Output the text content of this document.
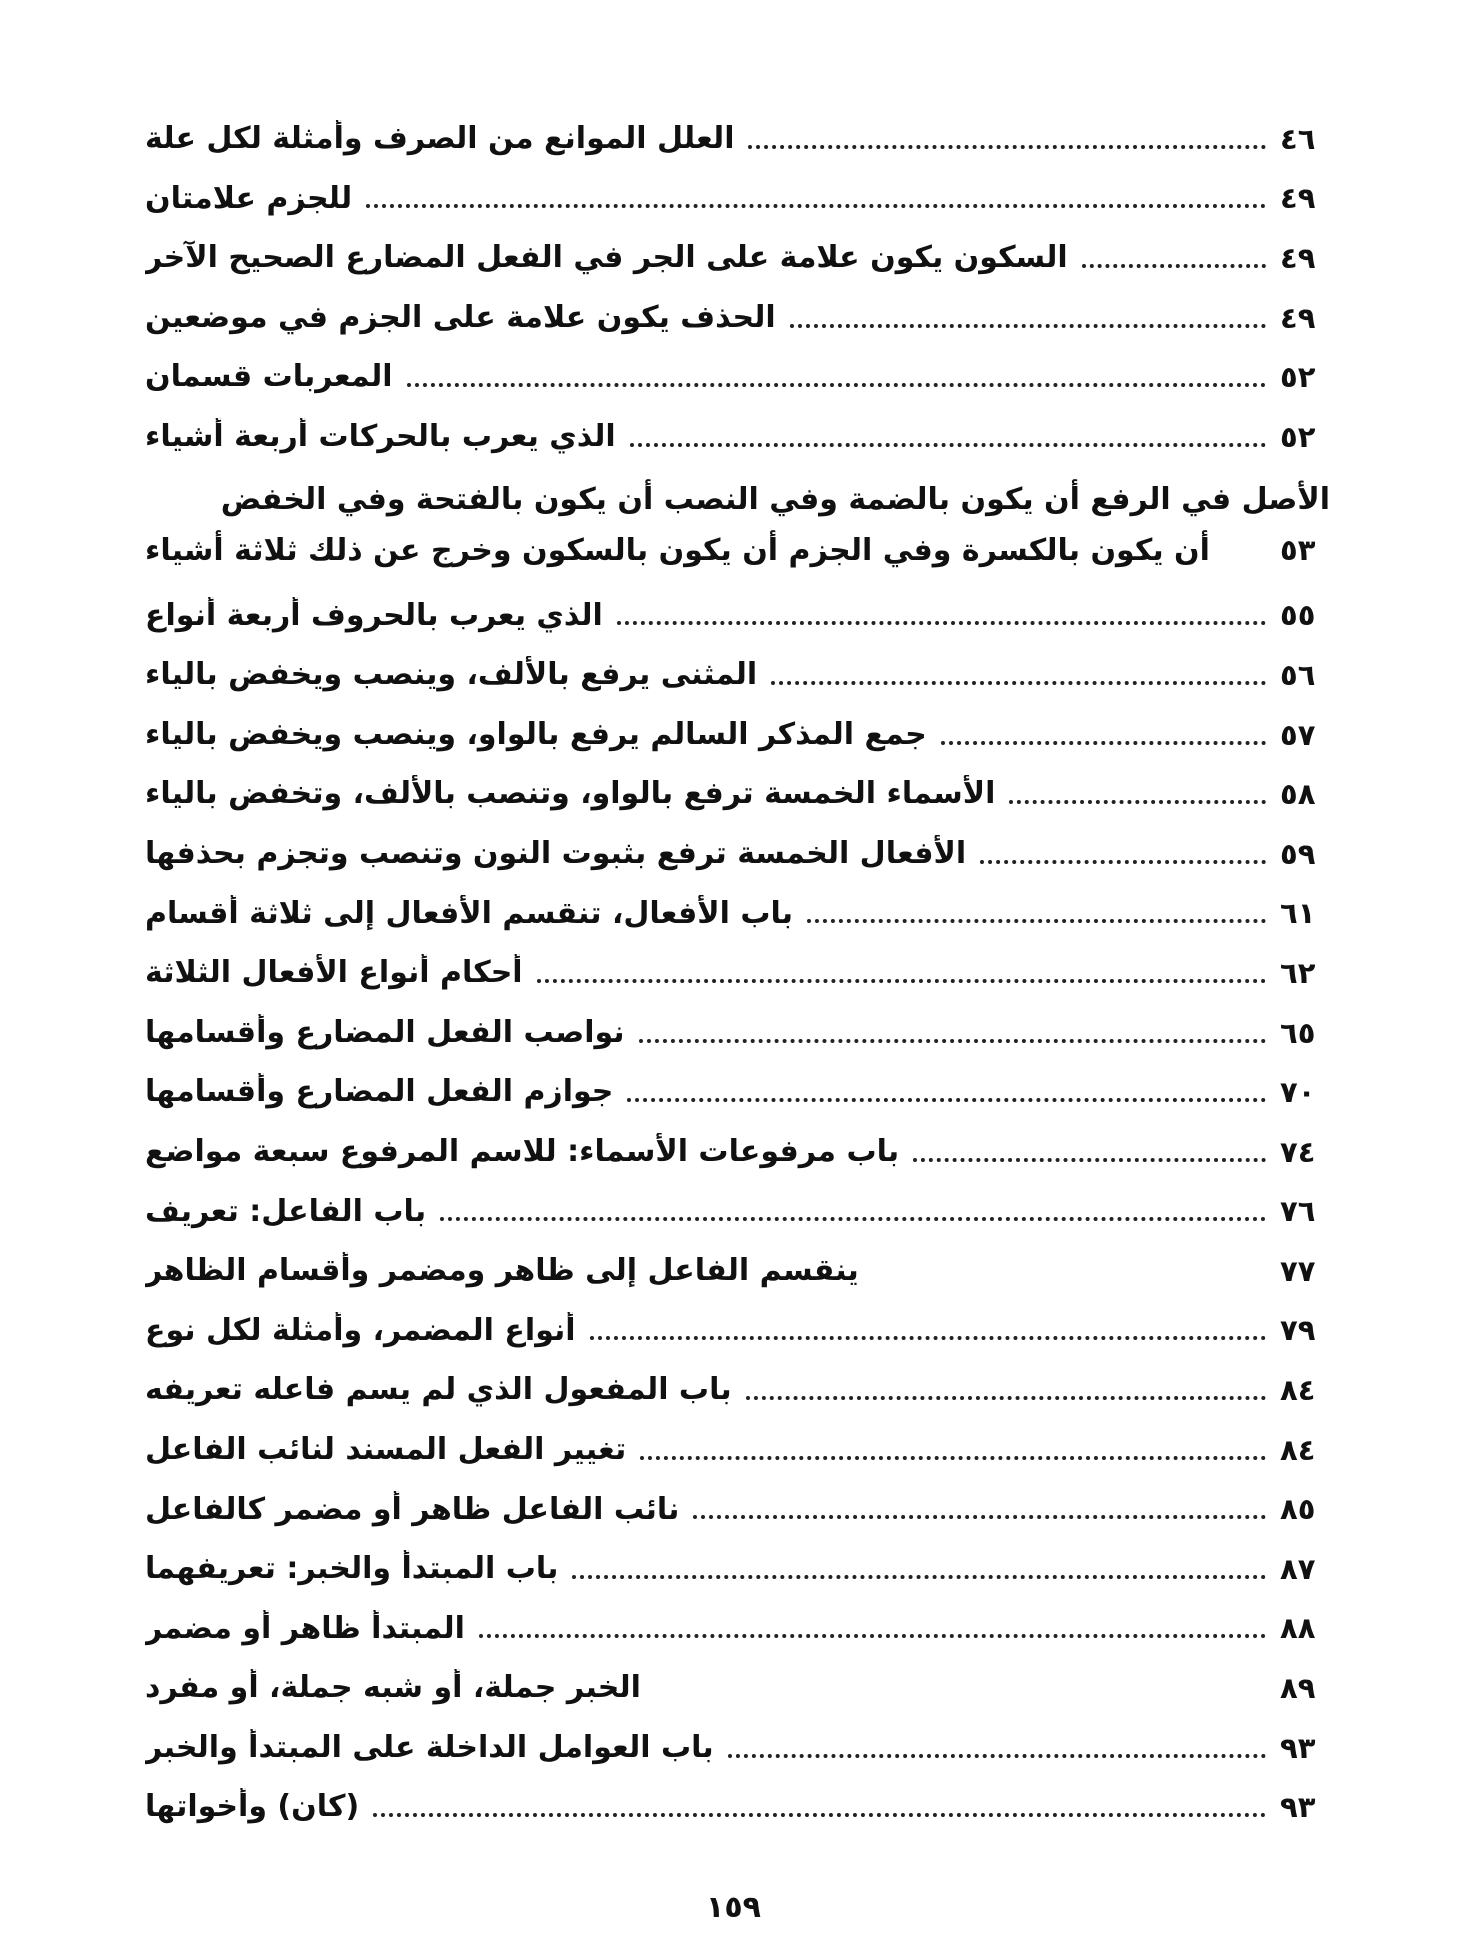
العلل الموانع من الصرف وأمثلة لكل علة	٤٦
للجزم علامتان	٤٩
السكون يكون علامة على الجر في الفعل المضارع الصحيح الآخر	٤٩
الحذف يكون علامة على الجزم في موضعين	٤٩
المعربات قسمان	٥٢
الذي يعرب بالحركات أربعة أشياء	٥٢
الأصل في الرفع أن يكون بالضمة وفي النصب أن يكون بالفتحة وفي الخفض
أن يكون بالكسرة وفي الجزم أن يكون بالسكون وخرج عن ذلك ثلاثة أشياء ٥٣
الذي يعرب بالحروف أربعة أنواع	٥٥
المثنى يرفع بالألف، وينصب ويخفض بالياء	٥٦
جمع المذكر السالم يرفع بالواو، وينصب ويخفض بالياء	٥٧
الأسماء الخمسة ترفع بالواو، وتنصب بالألف، وتخفض بالياء	٥٨
الأفعال الخمسة ترفع بثبوت النون وتنصب وتجزم بحذفها	٥٩
باب الأفعال، تنقسم الأفعال إلى ثلاثة أقسام	٦١
أحكام أنواع الأفعال الثلاثة	٦٢
نواصب الفعل المضارع وأقسامها	٦٥
جوازم الفعل المضارع وأقسامها	٧٠
باب مرفوعات الأسماء: للاسم المرفوع سبعة مواضع	٧٤
باب الفاعل: تعريف	٧٦
ينقسم الفاعل إلى ظاهر ومضمر وأقسام الظاهر	٧٧
أنواع المضمر، وأمثلة لكل نوع	٧٩
باب المفعول الذي لم يسم فاعله تعريفه	٨٤
تغيير الفعل المسند لنائب الفاعل	٨٤
نائب الفاعل ظاهر أو مضمر كالفاعل	٨٥
باب المبتدأ والخبر: تعريفهما	٨٧
المبتدأ ظاهر أو مضمر	٨٨
الخبر جملة، أو شبه جملة، أو مفرد	٨٩
باب العوامل الداخلة على المبتدأ والخبر	٩٣
(كان) وأخواتها	٩٣
١٥٩
